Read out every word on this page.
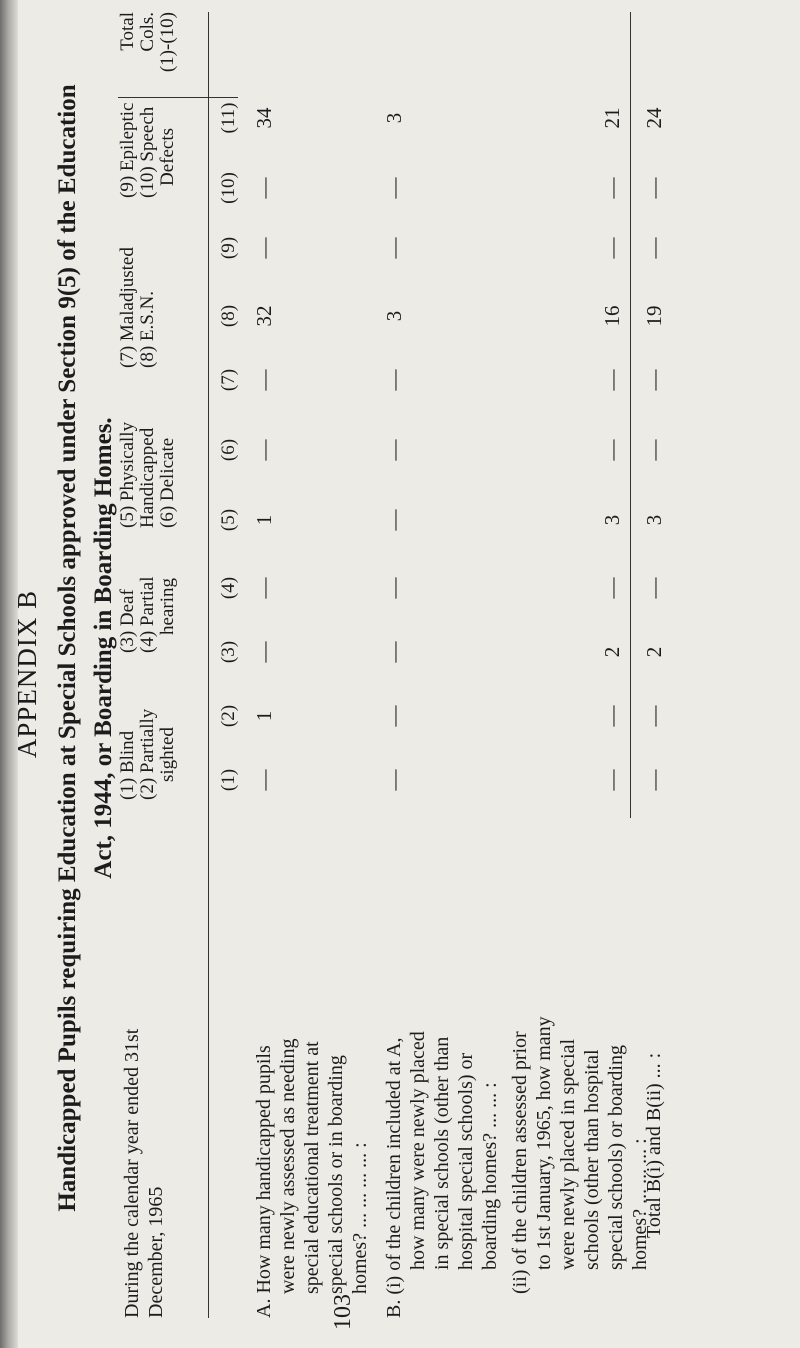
APPENDIX B Handicapped Pupils requiring Education at Special Schools approved under Section 9(5) of the Education Act, 1944, or Boarding in Boarding Homes.
103
During the calendar year ended 31st December, 1965
(1) Blind (2) Partially sighted
(3) Deaf (4) Partial hearing
(5) Physically Handicapped (6) Delicate
(7) Maladjusted (8) E.S.N.
(9) Epileptic (10) Speech Defects
Total Cols. (1)-(10)
(1)
(2)
(3)
(4)
(5)
(6)
(7)
(8)
(9)
(10)
(11)
A. How many handicapped pupils were newly assessed as needing special educational treatment at special schools or in boarding homes? ... ... ... ... :
—
1
—
—
1
—
—
32
—
—
34
B. (i) of the children included at A, how many were newly placed in special schools (other than hospital special schools) or boarding homes? ... ... :
—
—
—
—
—
—
—
3
—
—
3
(ii) of the children assessed prior to 1st January, 1965, how many were newly placed in special schools (other than hospital special schools) or boarding homes? ... ... ... :
—
—
2
—
3
—
—
16
—
—
21
Total B(i) and B(ii) ... :
—
—
2
—
3
—
—
19
—
—
24
